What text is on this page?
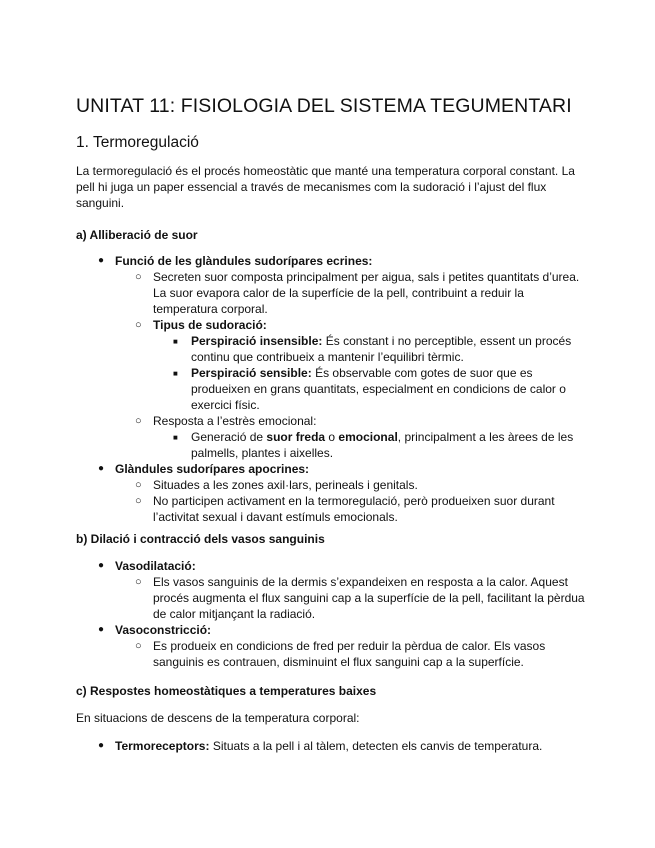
UNITAT 11: FISIOLOGIA DEL SISTEMA TEGUMENTARI
1. Termoregulació

La termoregulació és el procés homeostàtic que manté una temperatura corporal constant. La pell hi juga un paper essencial a través de mecanismes com la sudoració i l’ajust del flux sanguini.

a) Alliberació de suor
● Funció de les glàndules sudorípares ecrines:
○ Secreten suor composta principalment per aigua, sals i petites quantitats d’urea. La suor evapora calor de la superfície de la pell, contribuint a reduir la temperatura corporal.
○ Tipus de sudoració:
■ Perspiració insensible: És constant i no perceptible, essent un procés continu que contribueix a mantenir l’equilibri tèrmic.
■ Perspiració sensible: És observable com gotes de suor que es produeixen en grans quantitats, especialment en condicions de calor o exercici físic.
○ Resposta a l’estrès emocional:
■ Generació de suor freda o emocional, principalment a les àrees de les palmells, plantes i aixelles.
● Glàndules sudorípares apocrines:
○ Situades a les zones axil·lars, perineals i genitals.
○ No participen activament en la termoregulació, però produeixen suor durant l’activitat sexual i davant estímuls emocionals.
b) Dilació i contracció dels vasos sanguinis
● Vasodilatació:
○ Els vasos sanguinis de la dermis s’expandeixen en resposta a la calor. Aquest procés augmenta el flux sanguini cap a la superfície de la pell, facilitant la pèrdua de calor mitjançant la radiació.
● Vasoconstricció:
○ Es produeix en condicions de fred per reduir la pèrdua de calor. Els vasos sanguinis es contrauen, disminuint el flux sanguini cap a la superfície.
c) Respostes homeostàtiques a temperatures baixes

En situacions de descens de la temperatura corporal:

● Termoreceptors: Situats a la pell i al tàlem, detecten els canvis de temperatura.
